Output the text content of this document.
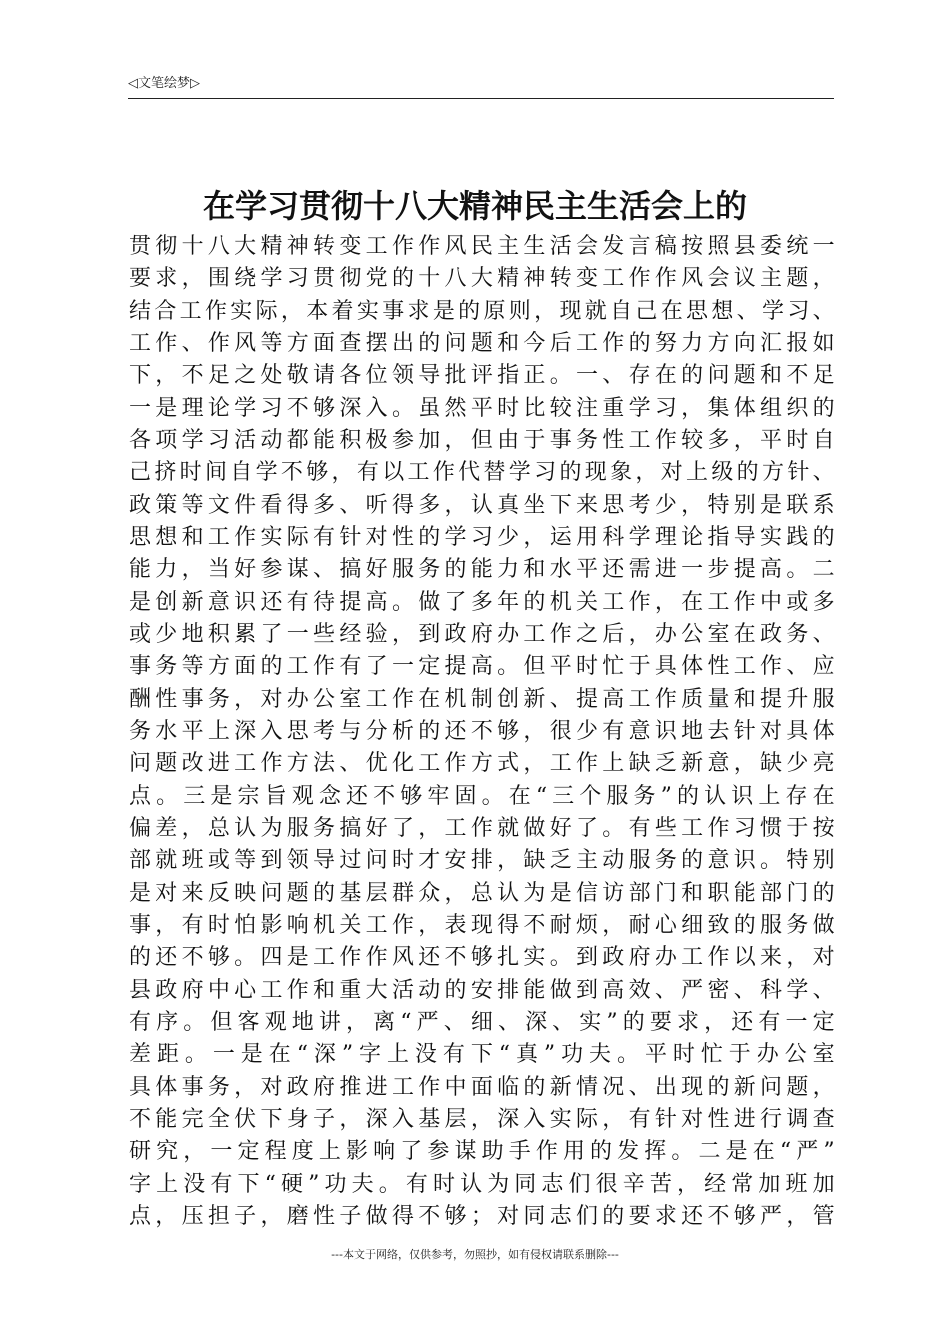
◁文笔绘梦▷
在学习贯彻十八大精神民主生活会上的
贯彻十八大精神转变工作作风民主生活会发言稿按照县委统一
要求，围绕学习贯彻党的十八大精神转变工作作风会议主题，
结合工作实际，本着实事求是的原则，现就自己在思想、学习、
工作、作风等方面查摆出的问题和今后工作的努力方向汇报如
下，不足之处敬请各位领导批评指正。一、存在的问题和不足
一是理论学习不够深入。虽然平时比较注重学习，集体组织的
各项学习活动都能积极参加，但由于事务性工作较多，平时自
己挤时间自学不够，有以工作代替学习的现象，对上级的方针、
政策等文件看得多、听得多，认真坐下来思考少，特别是联系
思想和工作实际有针对性的学习少，运用科学理论指导实践的
能力，当好参谋、搞好服务的能力和水平还需进一步提高。二
是创新意识还有待提高。做了多年的机关工作，在工作中或多
或少地积累了一些经验，到政府办工作之后，办公室在政务、
事务等方面的工作有了一定提高。但平时忙于具体性工作、应
酬性事务，对办公室工作在机制创新、提高工作质量和提升服
务水平上深入思考与分析的还不够，很少有意识地去针对具体
问题改进工作方法、优化工作方式，工作上缺乏新意，缺少亮
点。三是宗旨观念还不够牢固。在“三个服务”的认识上存在
偏差，总认为服务搞好了，工作就做好了。有些工作习惯于按
部就班或等到领导过问时才安排，缺乏主动服务的意识。特别
是对来反映问题的基层群众，总认为是信访部门和职能部门的
事，有时怕影响机关工作，表现得不耐烦，耐心细致的服务做
的还不够。四是工作作风还不够扎实。到政府办工作以来，对
县政府中心工作和重大活动的安排能做到高效、严密、科学、
有序。但客观地讲，离“严、细、深、实”的要求，还有一定
差距。一是在“深”字上没有下“真”功夫。平时忙于办公室
具体事务，对政府推进工作中面临的新情况、出现的新问题，
不能完全伏下身子，深入基层，深入实际，有针对性进行调查
研究，一定程度上影响了参谋助手作用的发挥。二是在“严”
字上没有下“硬”功夫。有时认为同志们很辛苦，经常加班加
点，压担子，磨性子做得不够；对同志们的要求还不够严，管
---本文于网络，仅供参考，勿照抄，如有侵权请联系删除---
